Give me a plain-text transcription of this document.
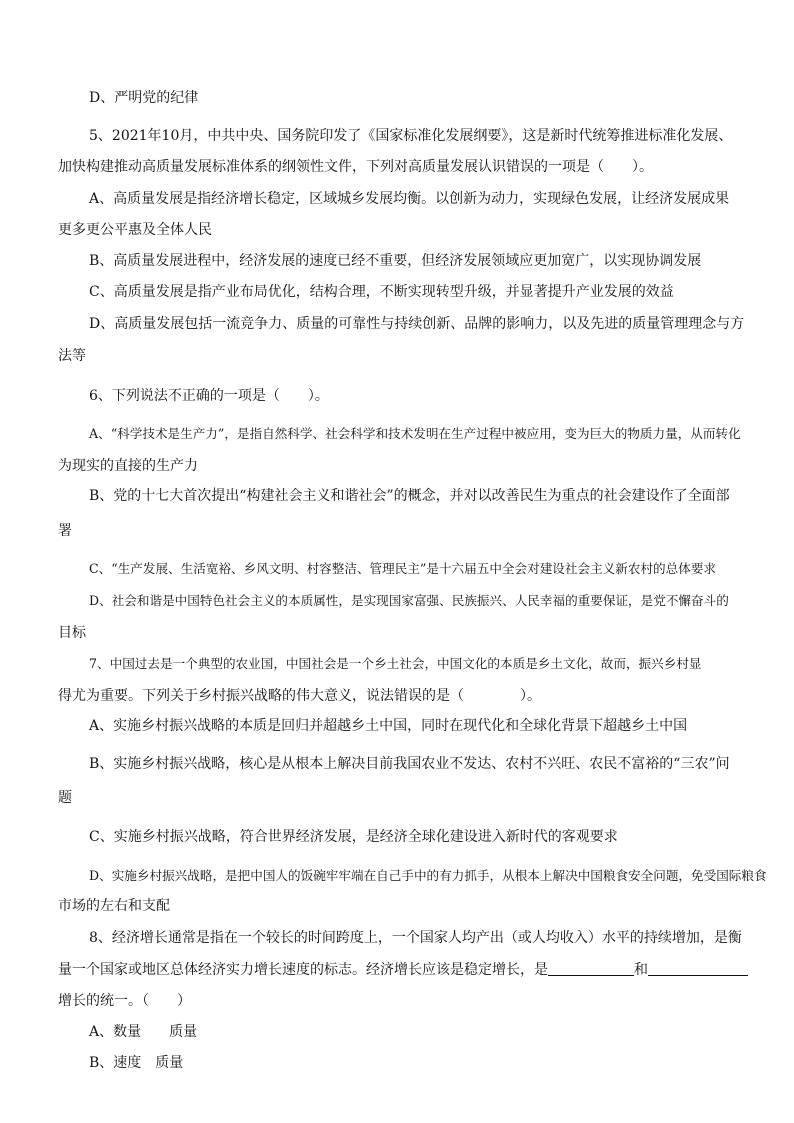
D、严明党的纪律
5、2021年10月，中共中央、国务院印发了《国家标准化发展纲要》，这是新时代统筹推进标准化发展、
加快构建推动高质量发展标准体系的纲领性文件，下列对高质量发展认识错误的一项是（　　）。
A、高质量发展是指经济增长稳定，区域城乡发展均衡。以创新为动力，实现绿色发展，让经济发展成果
更多更公平惠及全体人民
B、高质量发展进程中，经济发展的速度已经不重要，但经济发展领域应更加宽广，以实现协调发展
C、高质量发展是指产业布局优化，结构合理，不断实现转型升级，并显著提升产业发展的效益
D、高质量发展包括一流竞争力、质量的可靠性与持续创新、品牌的影响力，以及先进的质量管理理念与方
法等
6、下列说法不正确的一项是（　　）。
A、“科学技术是生产力”，是指自然科学、社会科学和技术发明在生产过程中被应用，变为巨大的物质力量，从而转化
为现实的直接的生产力
B、党的十七大首次提出“构建社会主义和谐社会”的概念，并对以改善民生为重点的社会建设作了全面部
署
C、“生产发展、生活宽裕、乡风文明、村容整洁、管理民主”是十六届五中全会对建设社会主义新农村的总体要求
D、社会和谐是中国特色社会主义的本质属性，是实现国家富强、民族振兴、人民幸福的重要保证，是党不懈奋斗的
目标
7、中国过去是一个典型的农业国，中国社会是一个乡土社会，中国文化的本质是乡土文化，故而，振兴乡村显
得尤为重要。下列关于乡村振兴战略的伟大意义，说法错误的是（　　　　）。
A、实施乡村振兴战略的本质是回归并超越乡土中国，同时在现代化和全球化背景下超越乡土中国
B、实施乡村振兴战略，核心是从根本上解决目前我国农业不发达、农村不兴旺、农民不富裕的“三农”问
题
C、实施乡村振兴战略，符合世界经济发展，是经济全球化建设进入新时代的客观要求
D、实施乡村振兴战略，是把中国人的饭碗牢牢端在自己手中的有力抓手，从根本上解决中国粮食安全问题，免受国际粮食
市场的左右和支配
8、经济增长通常是指在一个较长的时间跨度上，一个国家人均产出（或人均收入）水平的持续增加，是衡
量一个国家或地区总体经济实力增长速度的标志。经济增长应该是稳定增长，是	和
增长的统一。（　　）
A、数量 质量
B、速度 质量
